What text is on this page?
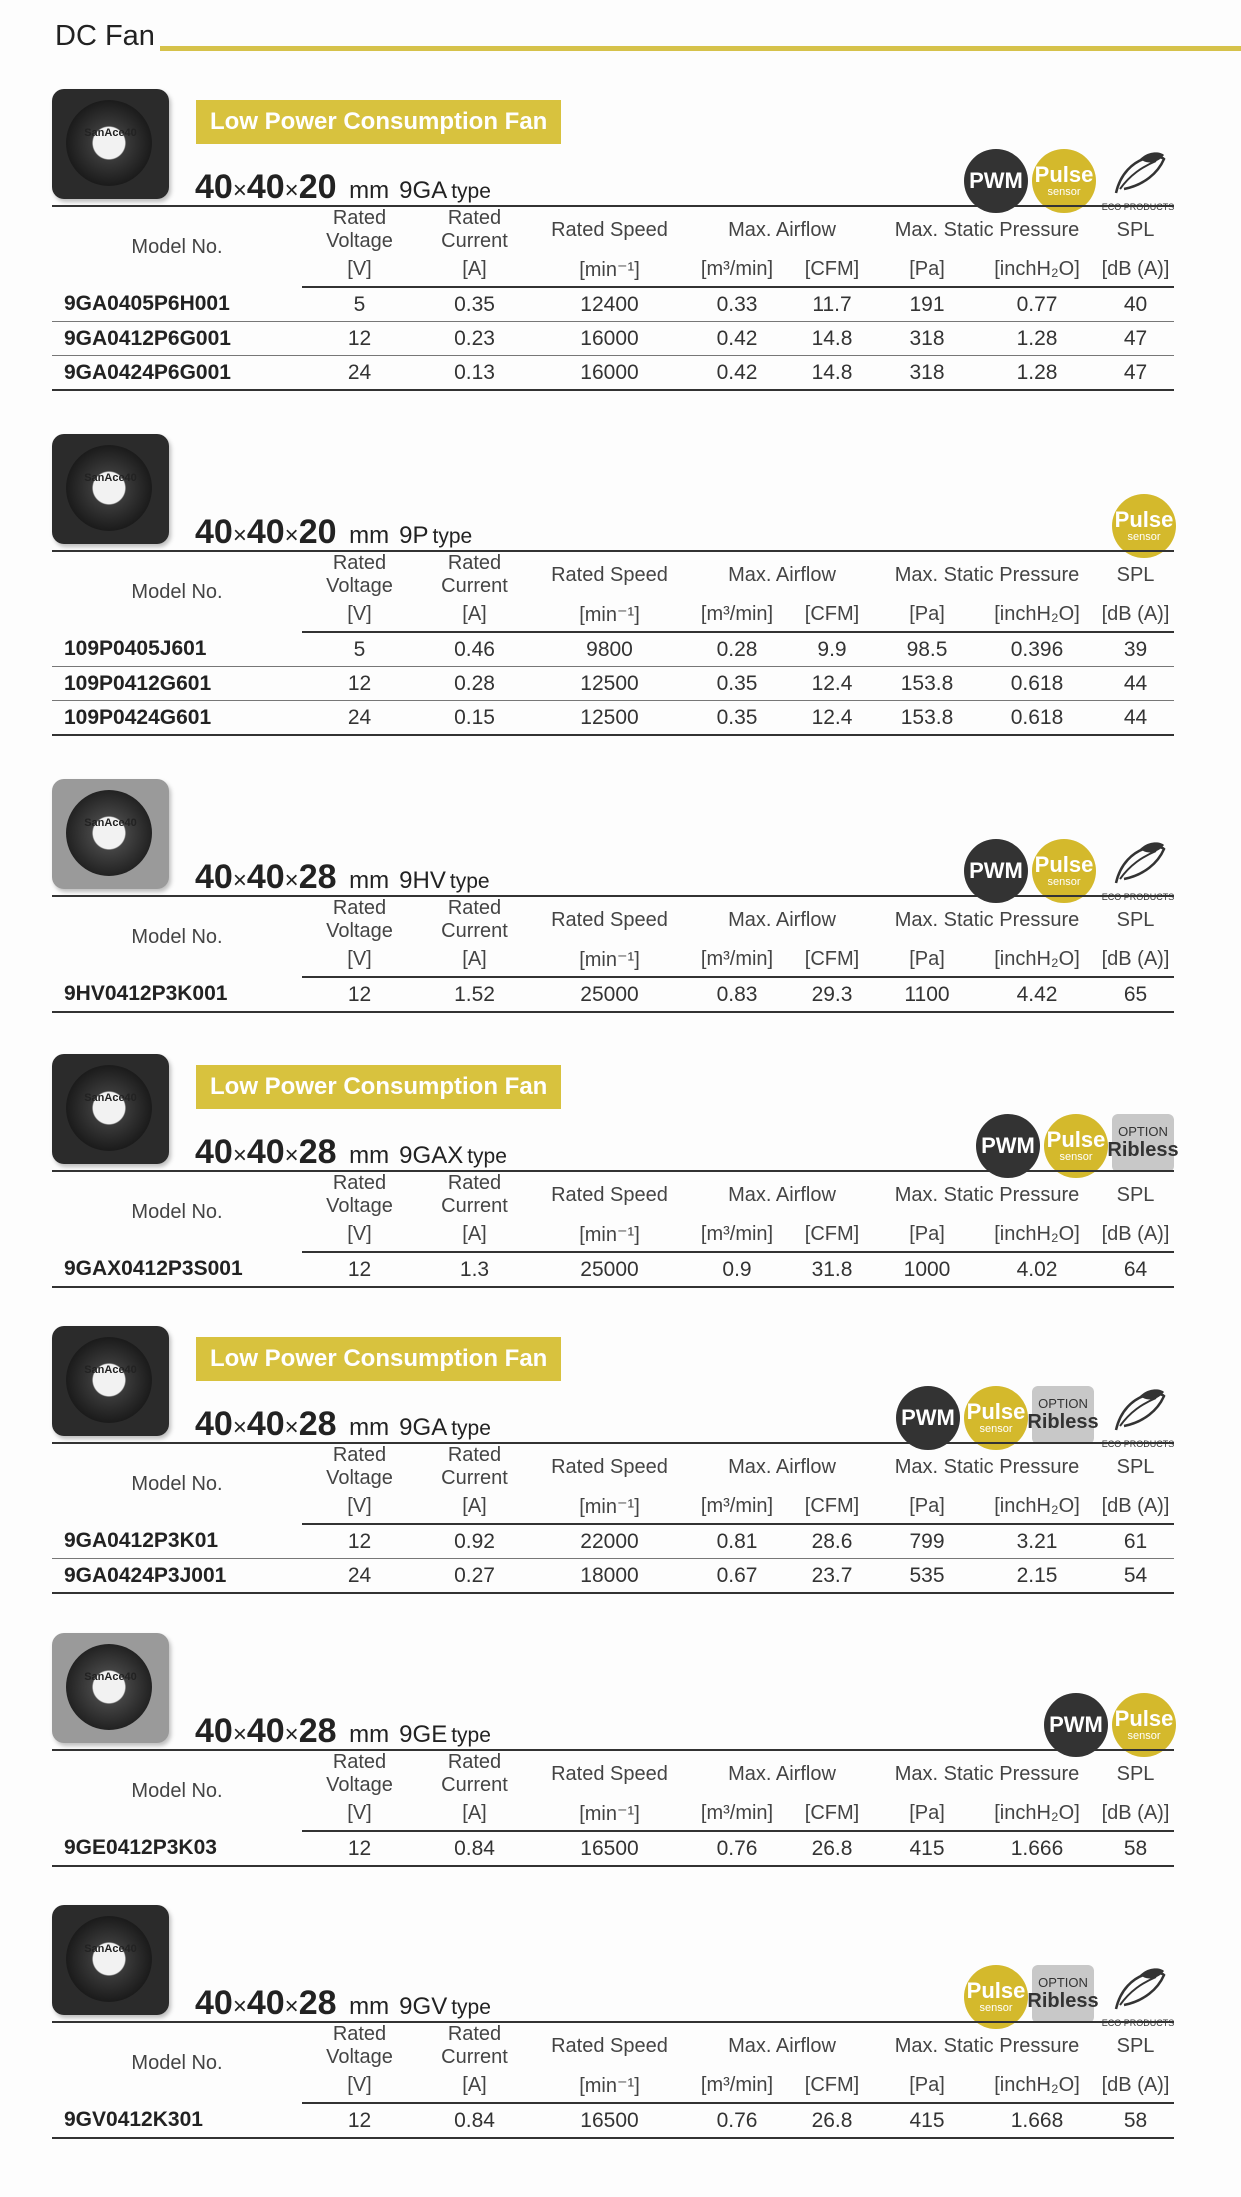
DC Fan
SanAce40	Low Power Consumption Fan
40×40×20 mm 9GA type	PWM Pulse
sensor
ECO PRODUCTS
Model No.	Rated Voltage	Rated Current	Rated Speed	Max. Airflow		Max. Static Pressure		SPL
	[V]	[A]	[min⁻¹]	[m³/min]	[CFM]	[Pa]	[inchH₂O]	[dB (A)]
9GA0405P6H001	5	0.35	12400	0.33	11.7	191	0.77	40
9GA0412P6G001	12	0.23	16000	0.42	14.8	318	1.28	47
9GA0424P6G001	24	0.13	16000	0.42	14.8	318	1.28	47
SanAce40
40×40×20 mm 9P type
Pulse
sensor
Model No.	Rated Voltage	Rated Current	Rated Speed	Max. Airflow		Max. Static Pressure		SPL
	[V]	[A]	[min⁻¹]	[m³/min]	[CFM]	[Pa]	[inchH₂O]	[dB (A)]
109P0405J601	5	0.46	9800	0.28	9.9	98.5	0.396	39
109P0412G601	12	0.28	12500	0.35	12.4	153.8	0.618	44
109P0424G601	24	0.15	12500	0.35	12.4	153.8	0.618	44
SanAce40
40×40×28 mm 9HV type	PWM Pulse
sensor
ECO PRODUCTS
Model No.	Rated Voltage	Rated Current	Rated Speed	Max. Airflow		Max. Static Pressure		SPL
	[V]	[A]	[min⁻¹]	[m³/min]	[CFM]	[Pa]	[inchH₂O]	[dB (A)]
9HV0412P3K001	12	1.52	25000	0.83	29.3	1100	4.42	65
SanAce40	Low Power Consumption Fan
40×40×28 mm 9GAX type	PWM Pulse
sensor
OPTION
Ribless
Model No.	Rated Voltage	Rated Current	Rated Speed	Max. Airflow		Max. Static Pressure		SPL
	[V]	[A]	[min⁻¹]	[m³/min]	[CFM]	[Pa]	[inchH₂O]	[dB (A)]
9GAX0412P3S001	12	1.3	25000	0.9	31.8	1000	4.02	64
SanAce40	Low Power Consumption Fan
40×40×28 mm 9GA type	PWM Pulse
sensor
OPTION
Ribless
ECO PRODUCTS
Model No.	Rated Voltage	Rated Current	Rated Speed	Max. Airflow		Max. Static Pressure		SPL
	[V]	[A]	[min⁻¹]	[m³/min]	[CFM]	[Pa]	[inchH₂O]	[dB (A)]
9GA0412P3K01	12	0.92	22000	0.81	28.6	799	3.21	61
9GA0424P3J001	24	0.27	18000	0.67	23.7	535	2.15	54
SanAce40
40×40×28 mm 9GE type	PWM Pulse
sensor
Model No.	Rated Voltage	Rated Current	Rated Speed	Max. Airflow		Max. Static Pressure		SPL
	[V]	[A]	[min⁻¹]	[m³/min]	[CFM]	[Pa]	[inchH₂O]	[dB (A)]
9GE0412P3K03	12	0.84	16500	0.76	26.8	415	1.666	58
SanAce40
40×40×28 mm 9GV type
Pulse
sensor
OPTION
Ribless
ECO PRODUCTS
Model No.	Rated Voltage	Rated Current	Rated Speed	Max. Airflow		Max. Static Pressure		SPL
	[V]	[A]	[min⁻¹]	[m³/min]	[CFM]	[Pa]	[inchH₂O]	[dB (A)]
9GV0412K301	12	0.84	16500	0.76	26.8	415	1.668	58
